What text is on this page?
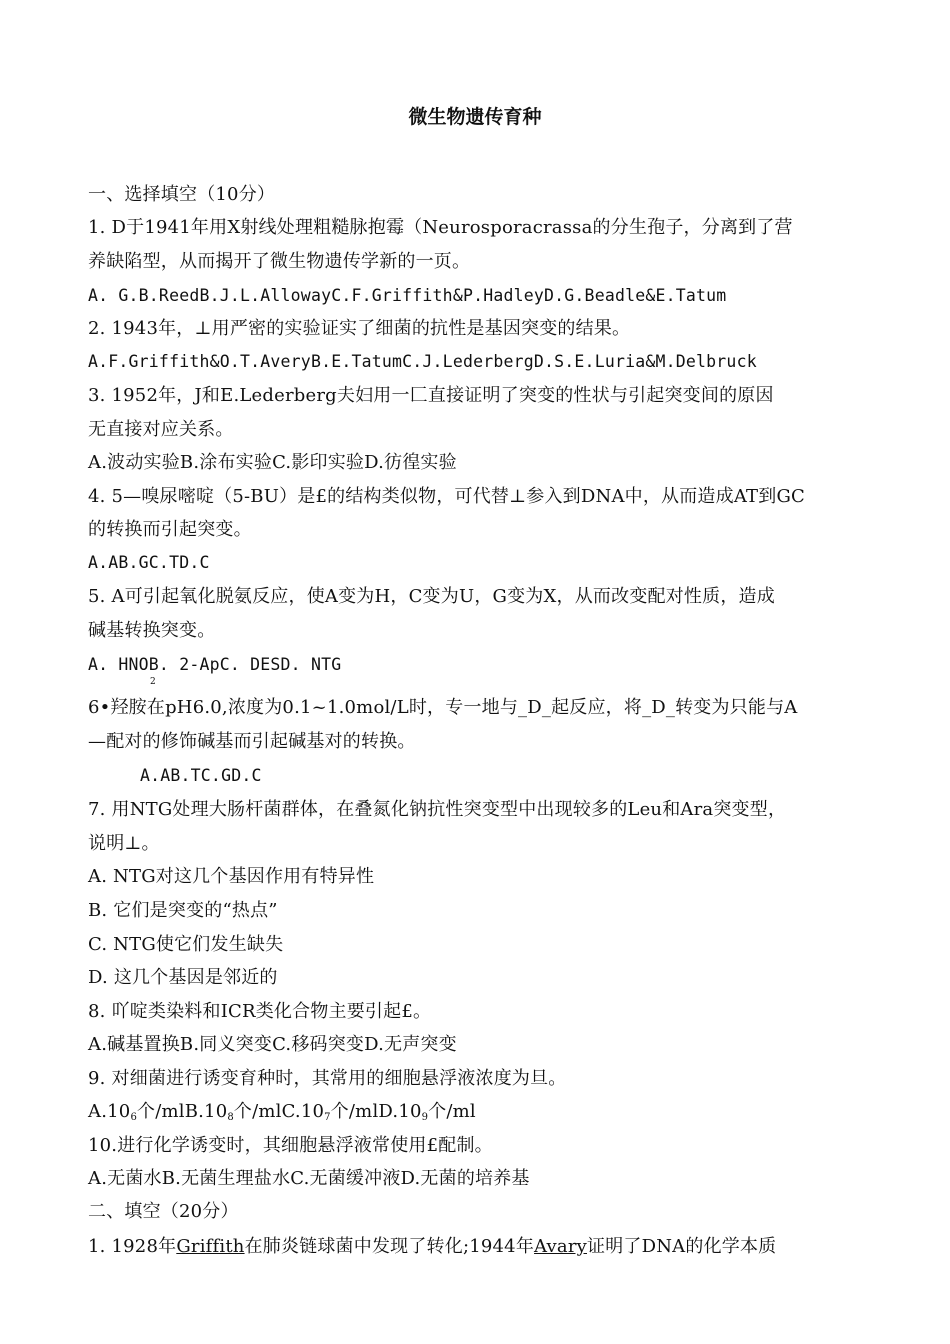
微生物遗传育种
一、选择填空（10分）
1. D于1941年用X射线处理粗糙脉抱霉（Neurosporacrassa的分生孢子，分离到了营
养缺陷型，从而揭开了微生物遗传学新的一页。
A. G.B.ReedB.J.L.AllowayC.F.Griffith&P.HadleyD.G.Beadle&E.Tatum
2. 1943年，⊥用严密的实验证实了细菌的抗性是基因突变的结果。
A.F.Griffith&O.T.AveryB.E.TatumC.J.LederbergD.S.E.Luria&M.Delbruck
3. 1952年，J和E.Lederberg夫妇用一匚直接证明了突变的性状与引起突变间的原因
无直接对应关系。
A.波动实验B.涂布实验C.影印实验D.彷徨实验
4. 5—嗅尿嘧啶（5-BU）是£的结构类似物，可代替⊥参入到DNA中，从而造成AT到GC
的转换而引起突变。
A.AB.GC.TD.C
5. A可引起氧化脱氨反应，使A变为H，C变为U，G变为X，从而改变配对性质，造成
碱基转换突变。
A. HNOB. 2-ApC. DESD. NTG
2
6•羟胺在pH6.0,浓度为0.1~1.0mol/L时，专一地与_D_起反应，将_D_转变为只能与A
—配对的修饰碱基而引起碱基对的转换。
A.AB.TC.GD.C
7. 用NTG处理大肠杆菌群体，在叠氮化钠抗性突变型中出现较多的Leu和Ara突变型，
说明⊥。
A. NTG对这几个基因作用有特异性
B. 它们是突变的“热点”
C. NTG使它们发生缺失
D. 这几个基因是邻近的
8. 吖啶类染料和ICR类化合物主要引起£。
A.碱基置换B.同义突变C.移码突变D.无声突变
9. 对细菌进行诱变育种时，其常用的细胞悬浮液浓度为旦。
$A.10_6$个$/mlB.10_8$个$/mlC.10_7$个$/mlD.10_9$个/ml
10.进行化学诱变时，其细胞悬浮液常使用£配制。
A.无菌水B.无菌生理盐水C.无菌缓冲液D.无菌的培养基
二、填空（20分）
1. 1928年Griffith在肺炎链球菌中发现了转化;1944年Avary证明了DNA的化学本质
